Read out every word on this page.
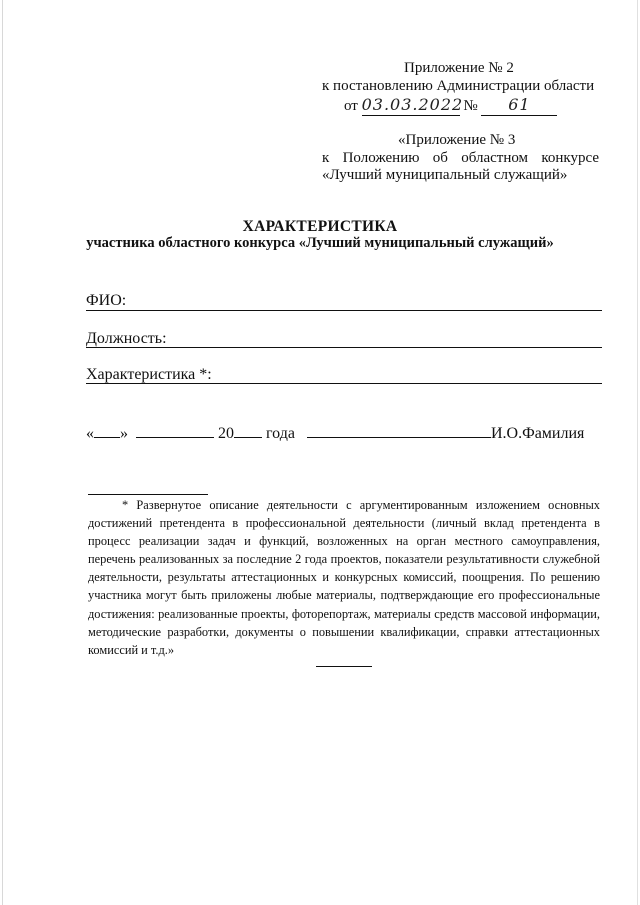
Приложение № 2
к постановлению Администрации области
от 03.03.2022 № 61
«Приложение № 3
к Положению об областном конкурсе
«Лучший муниципальный служащий»
ХАРАКТЕРИСТИКА
участника областного конкурса «Лучший муниципальный служащий»
ФИО:
Должность:
Характеристика *:
« »	20 года	И.О.Фамилия
* Развернутое описание деятельности с аргументированным изложением основных достижений претендента в профессиональной деятельности (личный вклад претендента в процесс реализации задач и функций, возложенных на орган местного самоуправления, перечень реализованных за последние 2 года проектов, показатели результативности служебной деятельности, результаты аттестационных и конкурсных комиссий, поощрения. По решению участника могут быть приложены любые материалы, подтверждающие его профессиональные достижения: реализованные проекты, фоторепортаж, материалы средств массовой информации, методические разработки, документы о повышении квалификации, справки аттестационных комиссий и т.д.»
